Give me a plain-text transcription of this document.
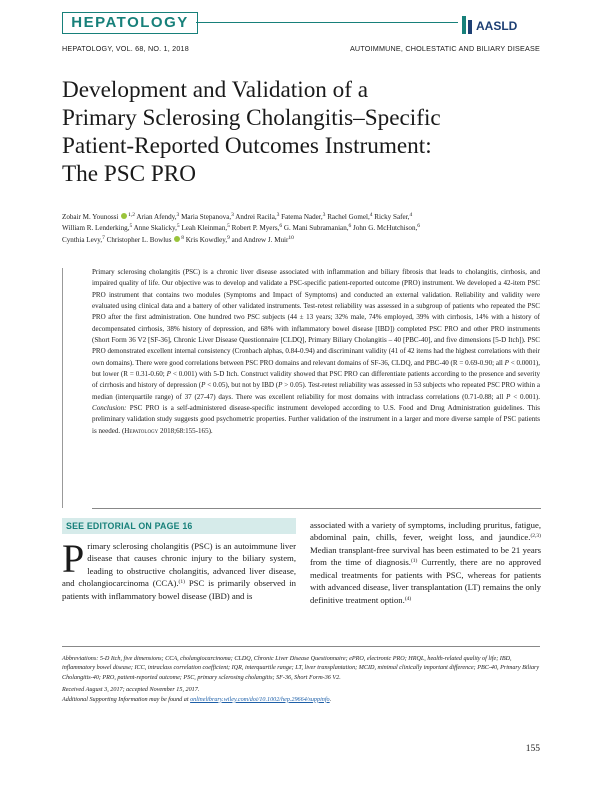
HEPATOLOGY	AASLD
HEPATOLOGY, VOL. 68, NO. 1, 2018	AUTOIMMUNE, CHOLESTATIC AND BILIARY DISEASE
Development and Validation of a
Primary Sclerosing Cholangitis–Specific
Patient-Reported Outcomes Instrument:
The PSC PRO
Zobair M. Younossi $^{1,2}$ Arian Afendy,$^3$ Maria Stepanova,$^3$ Andrei Racila,$^3$ Fatema Nader,$^3$ Rachel Gomel,$^4$ Ricky Safer,$^4$
William R. Lenderking,$^5$ Anne Skalicky,$^5$ Leah Kleinman,$^5$ Robert P. Myers,$^6$ G. Mani Subramanian,$^6$ John G. McHutchison,$^6$
Cynthia Levy,$^7$ Christopher L. Bowlus $^8$ Kris Kowdley,$^9$ and Andrew J. Muir$^{10}$
Primary sclerosing cholangitis (PSC) is a chronic liver disease associated with inflammation and biliary fibrosis that leads to cholangitis, cirrhosis, and impaired quality of life. Our objective was to develop and validate a PSC-specific patient-reported outcome (PRO) instrument. We developed a 42-item PSC PRO instrument that contains two modules (Symptoms and Impact of Symptoms) and conducted an external validation. Reliability and validity were evaluated using clinical data and a battery of other validated instruments. Test-retest reliability was assessed in a subgroup of patients who repeated the PSC PRO after the first administration. One hundred two PSC subjects (44 ± 13 years; 32% male, 74% employed, 39% with cirrhosis, 14% with a history of decompensated cirrhosis, 38% history of depression, and 68% with inflammatory bowel disease [IBD]) completed PSC PRO and other PRO instruments (Short Form 36 V2 [SF-36], Chronic Liver Disease Questionnaire [CLDQ], Primary Biliary Cholangitis – 40 [PBC-40], and five dimensions [5-D Itch]). PSC PRO demonstrated excellent internal consistency (Cronbach alphas, 0.84-0.94) and discriminant validity (41 of 42 items had the highest correlations with their own domains). There were good correlations between PSC PRO domains and relevant domains of SF-36, CLDQ, and PBC-40 (R = 0.69-0.90; all P < 0.0001), but lower (R = 0.31-0.60; P < 0.001) with 5-D Itch. Construct validity showed that PSC PRO can differentiate patients according to the presence and severity of cirrhosis and history of depression (P < 0.05), but not by IBD (P > 0.05). Test-retest reliability was assessed in 53 subjects who repeated PSC PRO within a median (interquartile range) of 37 (27-47) days. There was excellent reliability for most domains with intraclass correlations (0.71-0.88; all P < 0.001). Conclusion: PSC PRO is a self-administered disease-specific instrument developed according to U.S. Food and Drug Administration guidelines. This preliminary validation study suggests good psychometric properties. Further validation of the instrument in a larger and more diverse sample of PSC patients is needed. (Hepatology 2018;68:155-165).
SEE EDITORIAL ON PAGE 16
Primary sclerosing cholangitis (PSC) is an autoimmune liver disease that causes chronic injury to the biliary system, leading to obstructive cholangitis, advanced liver disease, and cholangiocarcinoma (CCA).$^{(1)}$ PSC is primarily observed in patients with inflammatory bowel disease (IBD) and is
associated with a variety of symptoms, including pruritus, fatigue, abdominal pain, chills, fever, weight loss, and jaundice.$^{(2,3)}$ Median transplant-free survival has been estimated to be 21 years from the time of diagnosis.$^{(1)}$ Currently, there are no approved medical treatments for patients with PSC, whereas for patients with advanced disease, liver transplantation (LT) remains the only definitive treatment option.$^{(4)}$
Abbreviations: 5-D Itch, five dimensions; CCA, cholangiocarcinoma; CLDQ, Chronic Liver Disease Questionnaire; ePRO, electronic PRO; HRQL, health-related quality of life; IBD, inflammatory bowel disease; ICC, intraclass correlation coefficient; IQR, interquartile range; LT, liver transplantation; MCID, minimal clinically important difference; PBC-40, Primary Biliary Cholangitis-40; PRO, patient-reported outcome; PSC, primary sclerosing cholangitis; SF-36, Short Form-36 V2.
Received August 3, 2017; accepted November 15, 2017.
Additional Supporting Information may be found at onlinelibrary.wiley.com/doi/10.1002/hep.29664/suppinfo.
155
